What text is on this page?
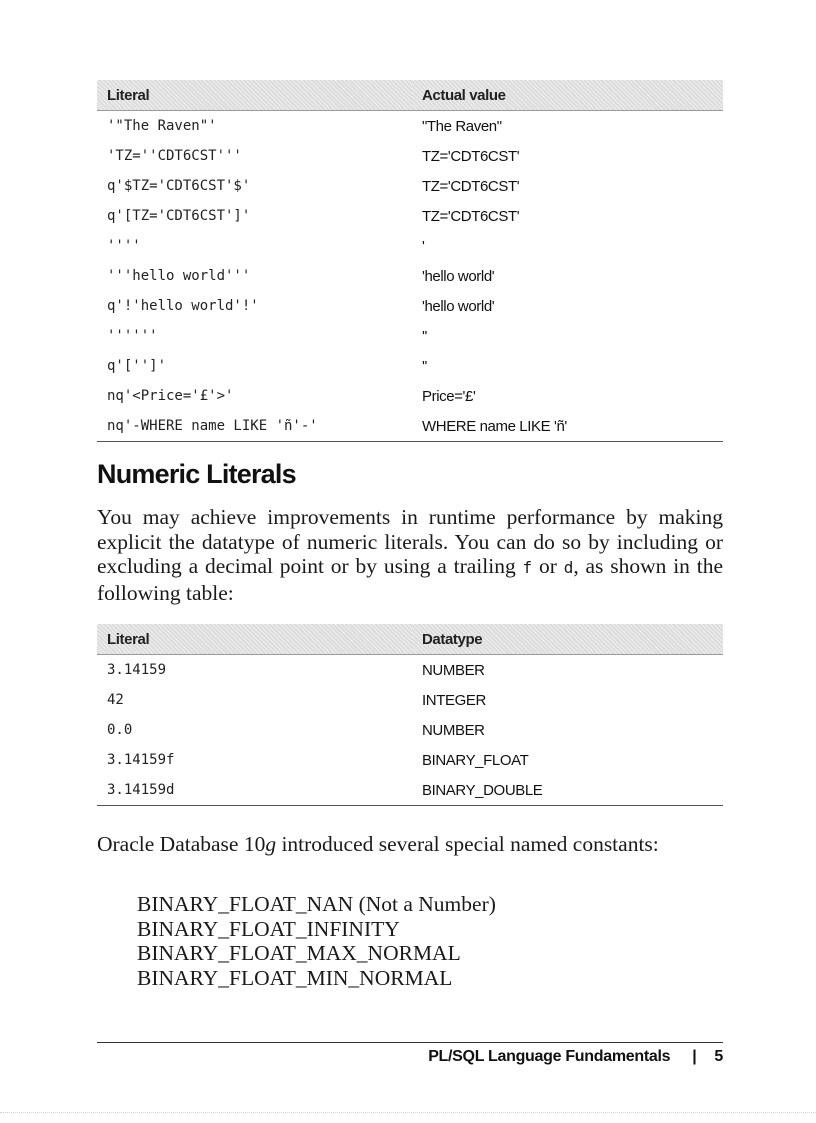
Literal	Actual value
'"The Raven"'	"The Raven"
'TZ=''CDT6CST'''	TZ='CDT6CST'
q'$TZ='CDT6CST'$'	TZ='CDT6CST'
q'[TZ='CDT6CST']'	TZ='CDT6CST'
''''	'
'''hello world'''	'hello world'
q'!'hello world'!'	'hello world'
''''''	''
q'['']'	''
nq'<Price='£'>'	Price='£'
nq'-WHERE name LIKE 'ñ'-'	WHERE name LIKE 'ñ'
Numeric Literals

You may achieve improvements in runtime performance by making explicit the datatype of numeric literals. You can do so by including or excluding a decimal point or by using a trailing f or d, as shown in the following table:

Literal	Datatype
3.14159	NUMBER
42	INTEGER
0.0	NUMBER
3.14159f	BINARY_FLOAT
3.14159d	BINARY_DOUBLE

Oracle Database 10g introduced several special named constants:

BINARY_FLOAT_NAN (Not a Number)
BINARY_FLOAT_INFINITY
BINARY_FLOAT_MAX_NORMAL
BINARY_FLOAT_MIN_NORMAL
PL/SQL Language Fundamentals | 5
